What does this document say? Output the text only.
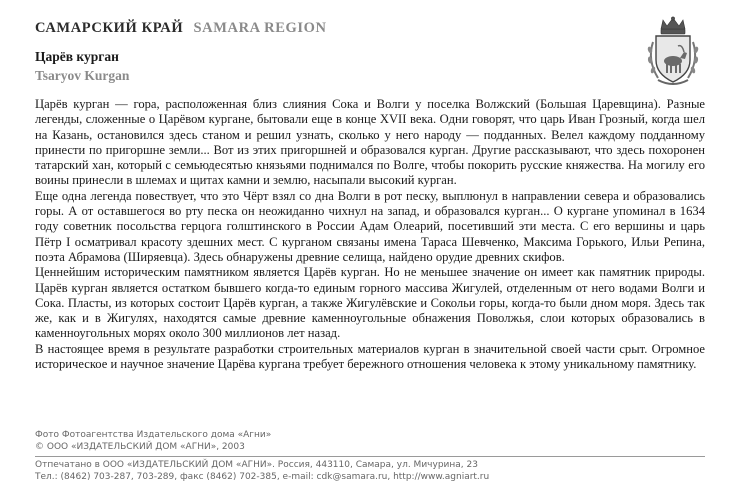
САМАРСКИЙ КРАЙ SAMARA REGION
Царёв курган
Tsaryov Kurgan

Царёв курган — гора, расположенная близ слияния Сока и Волги у поселка Волжский (Большая Царевщина). Разные легенды, сложенные о Царёвом кургане, бытовали еще в конце XVII века. Одни говорят, что царь Иван Грозный, когда шел на Казань, остановился здесь станом и решил узнать, сколько у него народу — подданных. Велел каждому подданному принести по пригоршне земли... Вот из этих пригоршней и образовался курган. Другие рассказывают, что здесь похоронен татарский хан, который с семьюдесятью князьями поднимался по Волге, чтобы покорить русские княжества. На могилу его воины принесли в шлемах и щитах камни и землю, насыпали высокий курган.

Еще одна легенда повествует, что это Чёрт взял со дна Волги в рот песку, выплюнул в направлении севера и образовались горы. А от оставшегося во рту песка он неожиданно чихнул на запад, и образовался курган... О кургане упоминал в 1634 году советник посольства герцога голштинского в России Адам Олеарий, посетивший эти места. С его вершины и царь Пётр I осматривал красоту здешних мест. С курганом связаны имена Тараса Шевченко, Максима Горького, Ильи Репина, поэта Абрамова (Ширяевца). Здесь обнаружены древние селища, найдено орудие древних скифов.

Ценнейшим историческим памятником является Царёв курган. Но не меньшее значение он имеет как памятник природы. Царёв курган является остатком бывшего когда-то единым горного массива Жигулей, отделенным от него водами Волги и Сока. Пласты, из которых состоит Царёв курган, а также Жигулёвские и Сокольи горы, когда-то были дном моря. Здесь так же, как и в Жигулях, находятся самые древние каменноугольные обнажения Поволжья, слои которых образовались в каменноугольных морях около 300 миллионов лет назад.

В настоящее время в результате разработки строительных материалов курган в значительной своей части срыт. Огромное историческое и научное значение Царёва кургана требует бережного отношения человека к этому уникальному памятнику.

Фото Фотоагентства Издательского дома «Агни»
© ООО «ИЗДАТЕЛЬСКИЙ ДОМ «АГНИ», 2003
Отпечатано в ООО «ИЗДАТЕЛЬСКИЙ ДОМ «АГНИ». Россия, 443110, Самара, ул. Мичурина, 23
Тел.: (8462) 703-287, 703-289, факс (8462) 702-385, e-mail: cdk@samara.ru, http://www.agniart.ru
